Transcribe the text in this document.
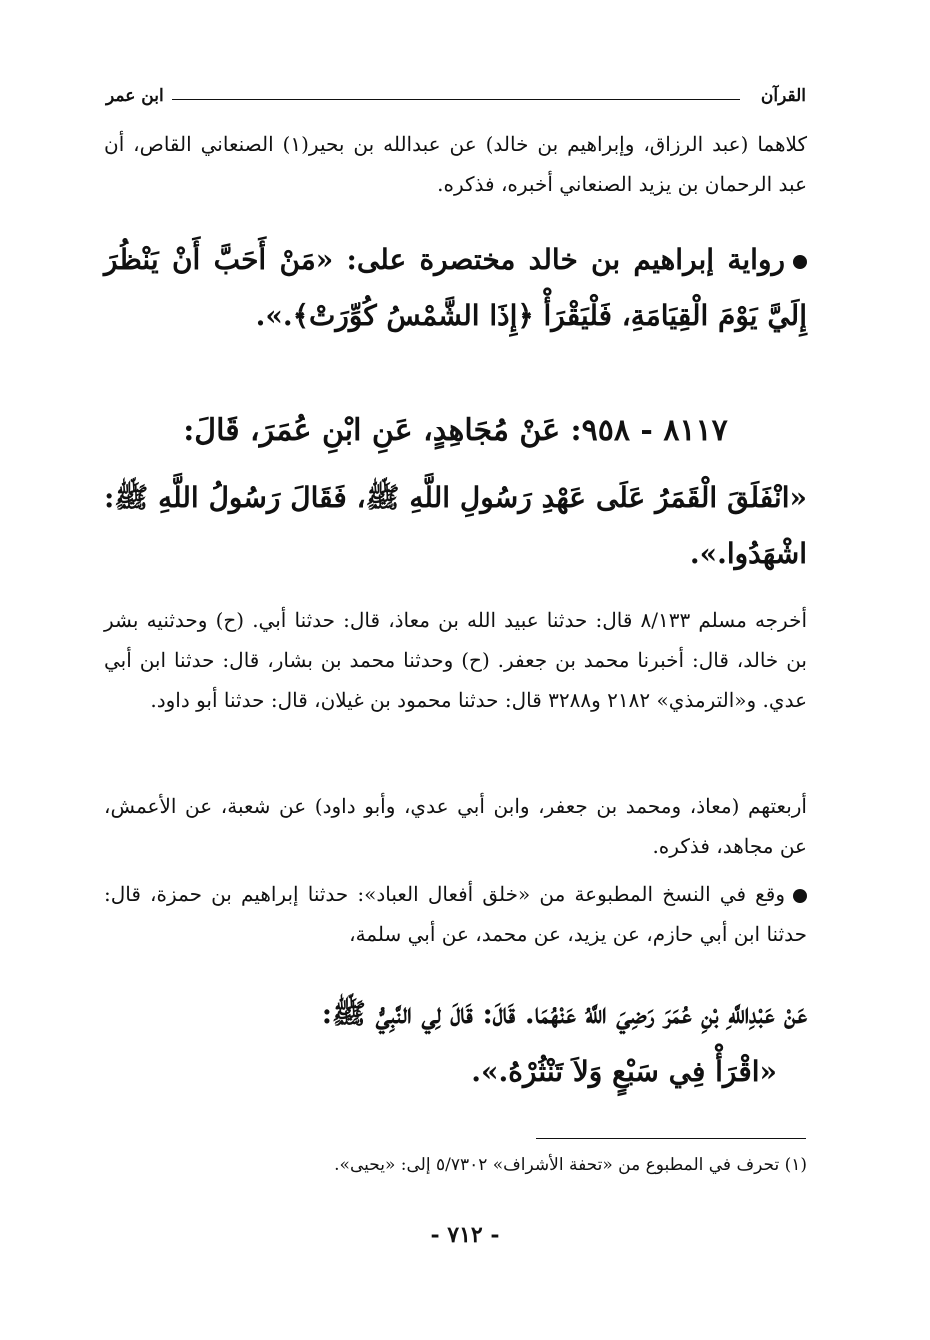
القرآن
ابن عمر
كلاهما (عبد الرزاق، وإبراهيم بن خالد) عن عبدالله بن بحير(١) الصنعاني القاص، أن عبد الرحمان بن يزيد الصنعاني أخبره، فذكره.
رواية إبراهيم بن خالد مختصرة على: «مَنْ أَحَبَّ أَنْ يَنْظُرَ إِلَيَّ يَوْمَ الْقِيَامَةِ، فَلْيَقْرَأْ ﴿إِذَا الشَّمْسُ كُوِّرَتْ﴾.».
٨١١٧ - ٩٥٨: عَنْ مُجَاهِدٍ، عَنِ ابْنِ عُمَرَ، قَالَ:
«انْفَلَقَ الْقَمَرُ عَلَى عَهْدِ رَسُولِ اللَّهِ ﷺ، فَقَالَ رَسُولُ اللَّهِ ﷺ: اشْهَدُوا.».
أخرجه مسلم ٨/١٣٣ قال: حدثنا عبيد الله بن معاذ، قال: حدثنا أبي. (ح) وحدثنيه بشر بن خالد، قال: أخبرنا محمد بن جعفر. (ح) وحدثنا محمد بن بشار، قال: حدثنا ابن أبي عدي. و«الترمذي» ٢١٨٢ و٣٢٨٨ قال: حدثنا محمود بن غيلان، قال: حدثنا أبو داود.
أربعتهم (معاذ، ومحمد بن جعفر، وابن أبي عدي، وأبو داود) عن شعبة، عن الأعمش، عن مجاهد، فذكره.
وقع في النسخ المطبوعة من «خلق أفعال العباد»: حدثنا إبراهيم بن حمزة، قال: حدثنا ابن أبي حازم، عن يزيد، عن محمد، عن أبي سلمة،
عَنْ عَبْدِاللَّهِ بْنِ عُمَرَ رَضِيَ اللَّهُ عَنْهُمَا. قَالَ: قَالَ لِي النَّبِيُّ ﷺ:
«اقْرَأْ فِي سَبْعٍ وَلاَ تَنْثُرْهُ.».
(١) تحرف في المطبوع من «تحفة الأشراف» ٥/٧٣٠٢ إلى: «يحيى».
- ٧١٢ -
